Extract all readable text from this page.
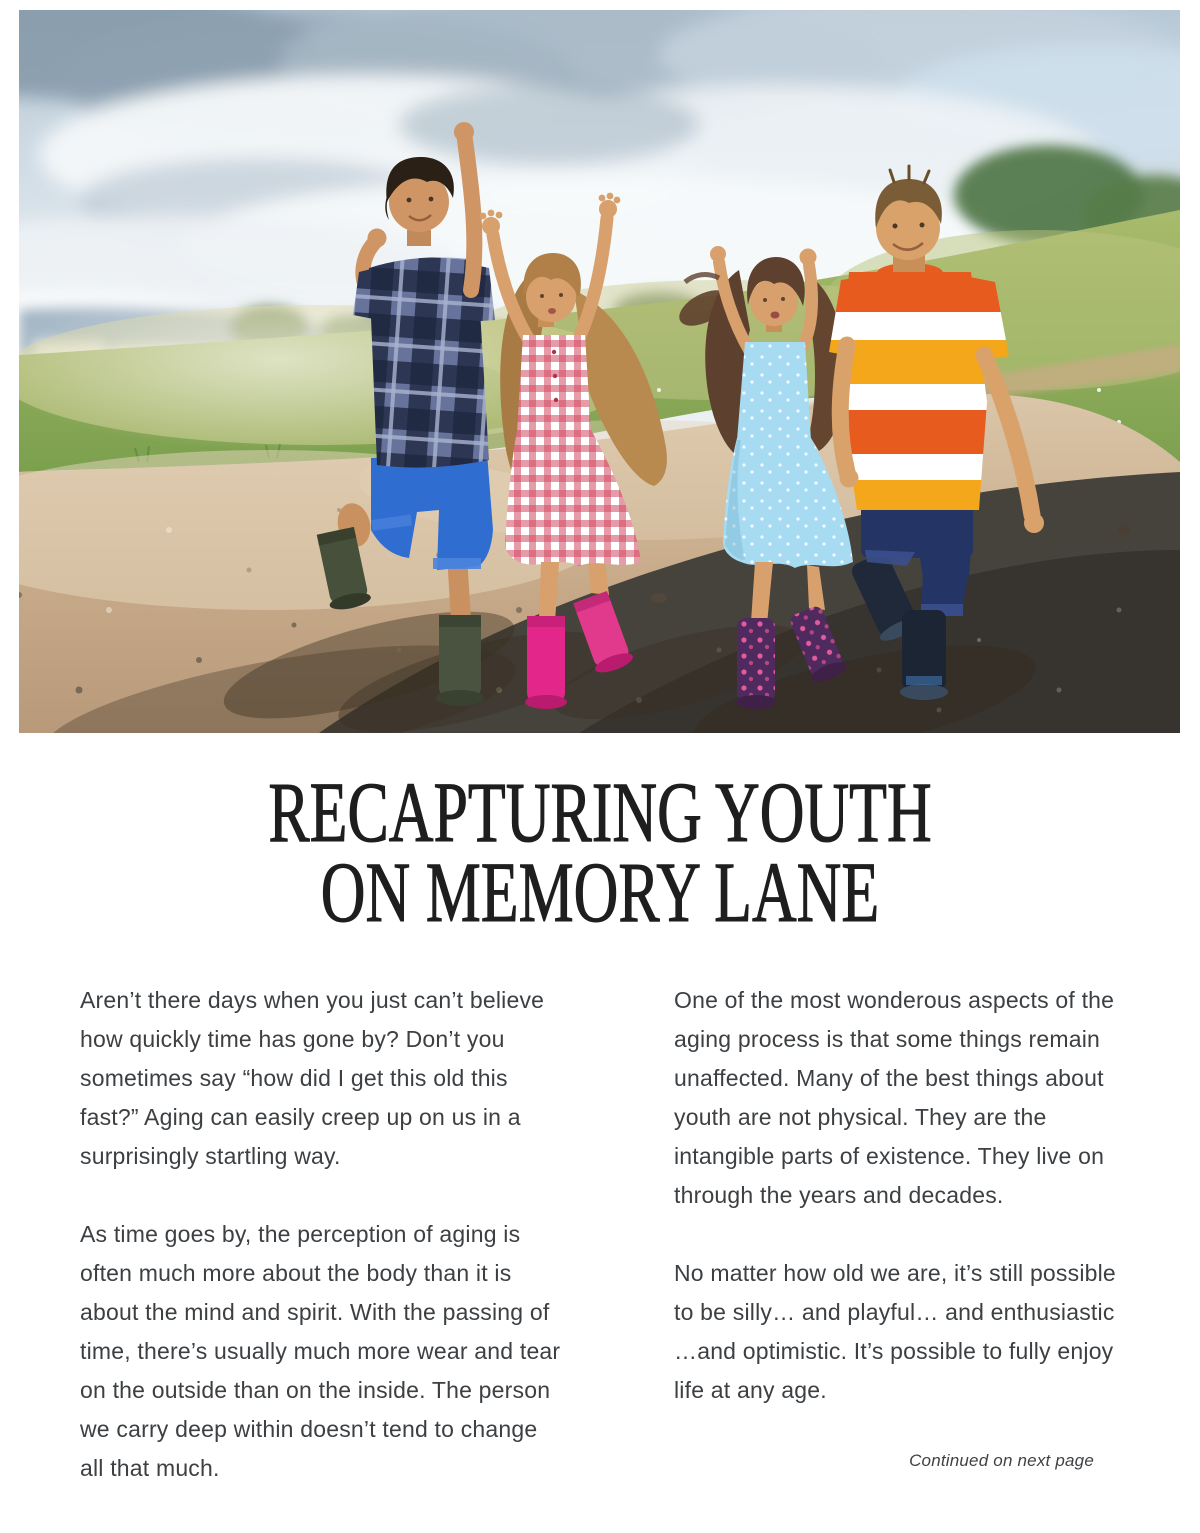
RECAPTURING YOUTH
ON MEMORY LANE

Aren’t there days when you just can’t believe how quickly time has gone by? Don’t you sometimes say “how did I get this old this fast?” Aging can easily creep up on us in a surprisingly startling way.

As time goes by, the perception of aging is often much more about the body than it is about the mind and spirit. With the passing of time, there’s usually much more wear and tear on the outside than on the inside. The person we carry deep within doesn’t tend to change all that much.

One of the most wonderous aspects of the aging process is that some things remain unaffected. Many of the best things about youth are not physical. They are the intangible parts of existence. They live on through the years and decades.

No matter how old we are, it’s still possible to be silly… and playful… and enthusiastic …and optimistic. It’s possible to fully enjoy life at any age.

Continued on next page
